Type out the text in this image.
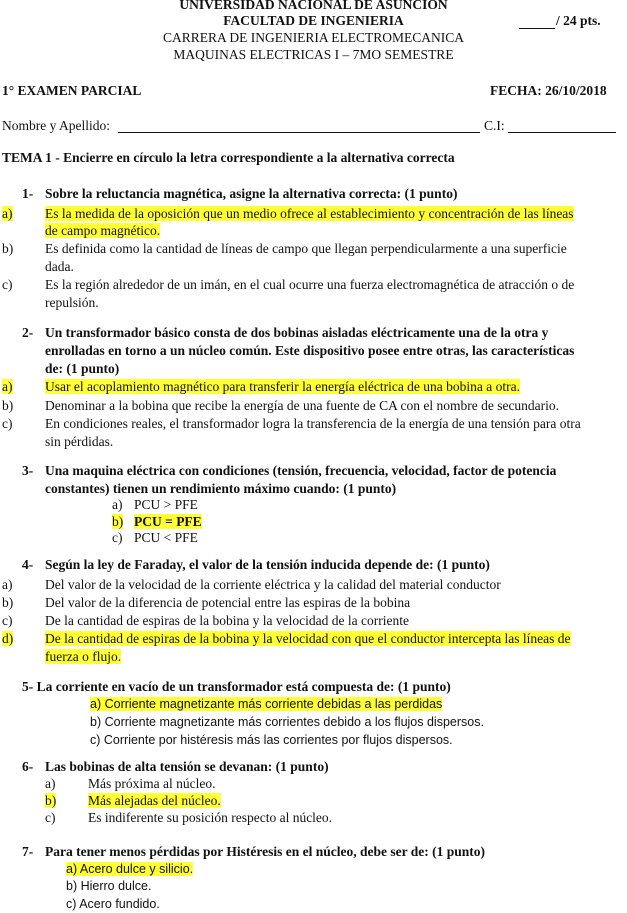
UNIVERSIDAD NACIONAL DE ASUNCION
FACULTAD DE INGENIERIA
CARRERA DE INGENIERIA ELECTROMECANICA
MAQUINAS ELECTRICAS I – 7MO SEMESTRE
/ 24 pts.
1° EXAMEN PARCIAL	FECHA: 26/10/2018
Nombre y Apellido:	C.I:
TEMA 1 - Encierre en círculo la letra correspondiente a la alternativa correcta
1- Sobre la reluctancia magnética, asigne la alternativa correcta: (1 punto)
a) Es la medida de la oposición que un medio ofrece al establecimiento y concentración de las líneas
de campo magnético.
b) Es definida como la cantidad de líneas de campo que llegan perpendicularmente a una superficie
dada.
c) Es la región alrededor de un imán, en el cual ocurre una fuerza electromagnética de atracción o de
repulsión.
2- Un transformador básico consta de dos bobinas aisladas eléctricamente una de la otra y
enrolladas en torno a un núcleo común. Este dispositivo posee entre otras, las características
de: (1 punto)
a) Usar el acoplamiento magnético para transferir la energía eléctrica de una bobina a otra.
b) Denominar a la bobina que recibe la energía de una fuente de CA con el nombre de secundario.
c) En condiciones reales, el transformador logra la transferencia de la energía de una tensión para otra
sin pérdidas.
3- Una maquina eléctrica con condiciones (tensión, frecuencia, velocidad, factor de potencia
constantes) tienen un rendimiento máximo cuando: (1 punto)
a) PCU > PFE
b) PCU = PFE
c) PCU < PFE
4- Según la ley de Faraday, el valor de la tensión inducida depende de: (1 punto)
a) Del valor de la velocidad de la corriente eléctrica y la calidad del material conductor
b) Del valor de la diferencia de potencial entre las espiras de la bobina
c) De la cantidad de espiras de la bobina y la velocidad de la corriente
d) De la cantidad de espiras de la bobina y la velocidad con que el conductor intercepta las líneas de
fuerza o flujo.
5- La corriente en vacío de un transformador está compuesta de: (1 punto)
a) Corriente magnetizante más corriente debidas a las perdidas
b) Corriente magnetizante más corrientes debido a los flujos dispersos.
c) Corriente por histéresis más las corrientes por flujos dispersos.
6- Las bobinas de alta tensión se devanan: (1 punto)
a) Más próxima al núcleo.
b) Más alejadas del núcleo.
c) Es indiferente su posición respecto al núcleo.
7- Para tener menos pérdidas por Histéresis en el núcleo, debe ser de: (1 punto)
a) Acero dulce y silicio.
b) Hierro dulce.
c) Acero fundido.
